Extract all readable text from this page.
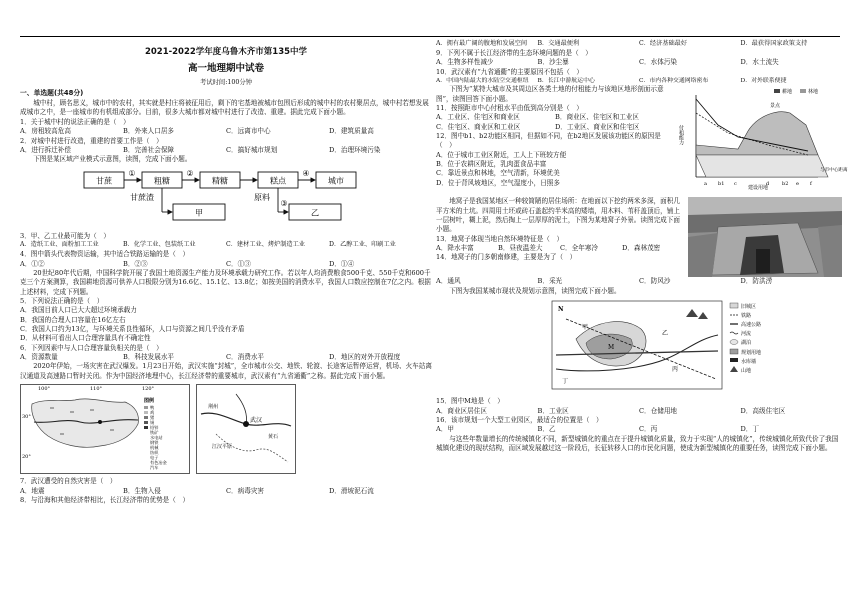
2021-2022学年度乌鲁木齐市第135中学
高一地理期中试卷
考试时间:100分钟
一、单选题(共48分)

城中村，顾名思义，城市中的农村，其实就是村庄将被征用后，剩下的宅基地被城市包围后形成的城中村的农村聚居点，城中村若想发展成城市之中，是一座城市的有机组成部分。目前，很多大城市都对城中村进行了改造、重建。据此完成下面小题。

1．关于城中村的说法正确的是（　）

A．房租较高危高	B．外来人口居多	C．远离市中心	D．建筑质量高

2．对城中村进行改造，重建的首要工作是（　）

A．进行拆迁补偿	B．完善社会保障	C．搞好城市规划	D．治理环境污染

下图是某区域产业模式示意图，读图，完成下面小题。

甘蔗	粗糖	精糖	糕点	城市
①	②	④
甘蔗渣
甲
原料
③
乙

3．甲、乙工业最可能为（　）

A．造纸工业、面粉加工工业	B．化学工业、包装纸工业	C．建材工业、烤炉制造工业	D．乙醇工业、印刷工业

4．图中箭头代表物资运输，其中适合铁路运输的是（　）

A．①②	B．②③	C．①③	D．①④

20世纪80年代后期，中国科学院开展了我国土地资源生产能力及环境承载力研究工作。若以年人均消费粮食500千克、550千克和600千克三个方案测算，我国耕地资源可供养人口极限分别为16.6亿、15.1亿、13.8亿；如按美国的消费水平，我国人口数应控制在7亿之内。根据上述材料，完成下列题。

5．下列说法正确的是（　）

A．我国目前人口已大大超过环境承载力

B．我国的合理人口容量在16亿左右

C．我国人口约为13亿，与环境关系良性循环，人口与资源之间几乎没有矛盾

D．从材料可看出人口合理容量具有不确定性

6．下列因素中与人口合理容量负相关的是（　）

A．资源数量	B．科技发展水平	C．消费水平	D．地区的对外开放程度

2020年伊始，一场灾害在武汉爆发。1月23日开始，武汉实施“封城”，全市城市公交、地铁、轮渡、长途客运暂停运营，机场、火车站离汉通道及高速路口暂时关闭。作为中国经济地理中心，长江经济带的重要城市，武汉素有“九省通衢”之称。据此完成下面小题。

100°	110°	120°
30°
20°
图例
鸭
鸡
猪
锡
铅锌
铁矿
水电站
钢铁
机械
纺织
电子
有色冶金
汽车
武汉
荆州
黄石
江汉平原

7．武汉遭受的自然灾害是（　）

A．地震	B．生物入侵	C．病毒灾害	D．滑坡泥石流

8．与沿海和其他经济带相比，长江经济带的优势是（　）

A．拥有最广阔的腹地和发展空间	B．交通最便利	C．经济基础最好	D．最获得国家政策支持

9．下列不属于长江经济带的生态环境问题的是（　）

A．生物多样性减少	B．沙尘暴	C．水体污染	D．水土流失

10．武汉素有“九省通衢”的主要原因不包括（　）

A．中国内陆最大的水陆空交通枢纽	B．长江中游航运中心	C．市内各种交通网络密布	D．对外联系便捷

下图为“某特大城市及其周边区各类土地的付租能力与该地区地形剖面示意图”，读图回答下面小题。

11．按照距市中心付租水平由低到高分别是（　）

A．工业区、住宅区和商业区	B．商业区、住宅区和工业区
C．住宅区、商业区和工业区	D．工业区、商业区和住宅区

12．图中b1、b2功能区相同，但据如不同，在b2地区发展该功能区的原因是（　）

A．位于城市工业区附近，工人上下班较方便

B．位于农耕区附近，乳肉蛋食品丰富

C．靠近景点和林地，空气清新，环境优美

D．位于背风坡地区，空气湿度小，日照多

耕地	林地
付租能力
景点
与市中心距离
建设用地
b1	b2
a	c	d	e f

地窝子是我国某地区一种较简陋的居住场所：在地面以下挖约两米多深，面积几平方米的土坑。四周用土坯或砖石盖起约半米高的矮墙，用木料、苇秆盖顶后，铺上一层树叶，糊上泥，然后掏上一层厚厚的泥土，下图为某地窝子外景。读图完成下面小题。

13．地窝子体现当地自然环境特征是（　）

A．降水丰富	B．昼夜温差大	C．全年寒冷	D．森林茂密

14．地窝子的门多朝南修建，主要是为了（　）

A．通风	B．采光	C．防风沙	D．防洪涝

下图为我国某城市现状及规划示意图，读图完成下面小题。

N
M
甲
乙
丙
丁
旧城区
铁路
高速公路
河流
湖泊
规划用地
水库墙
山地

15．图中M地是（　）

A．商业区居住区	B．工业区	C．仓储用地	D．高级住宅区

16．该市规划一个大型工业园区，最适合的位置是（　）

A．甲	B．乙	C．丙	D．丁

与这些年数量增长的传统城镇化不同，新型城镇化的重点在于提升城镇化质量，致力于实现“人的城镇化”，传统城镇化所致代价了我国城镇化建设的现状结构，而区域发展越过这一阶段后，长征转移人口的市民化问题，使成为新型城镇化的重要任务，读图完成下面小题。
